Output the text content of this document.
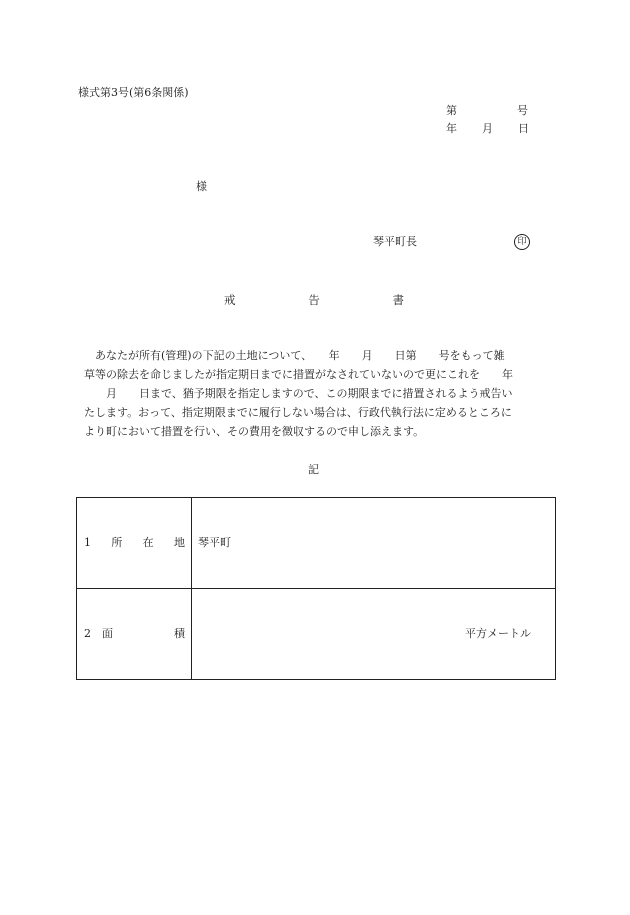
様式第3号(第6条関係)
第	号
年 月 日
様
琴平町長	印
戒	告	書
　あなたが所有(管理)の下記の土地について、　　年　　月　　日第　　号をもって雑
草等の除去を命じましたが指定期日までに措置がなされていないので更にこれを　　年
　　月　　日まで、猶予期限を指定しますので、この期限までに措置されるよう戒告い
たします。おって、指定期限までに履行しない場合は、行政代執行法に定めるところに
より町において措置を行い、その費用を徴収するので申し添えます。
記
1 所 在 地	琴平町

2 面 積	平方メートル
